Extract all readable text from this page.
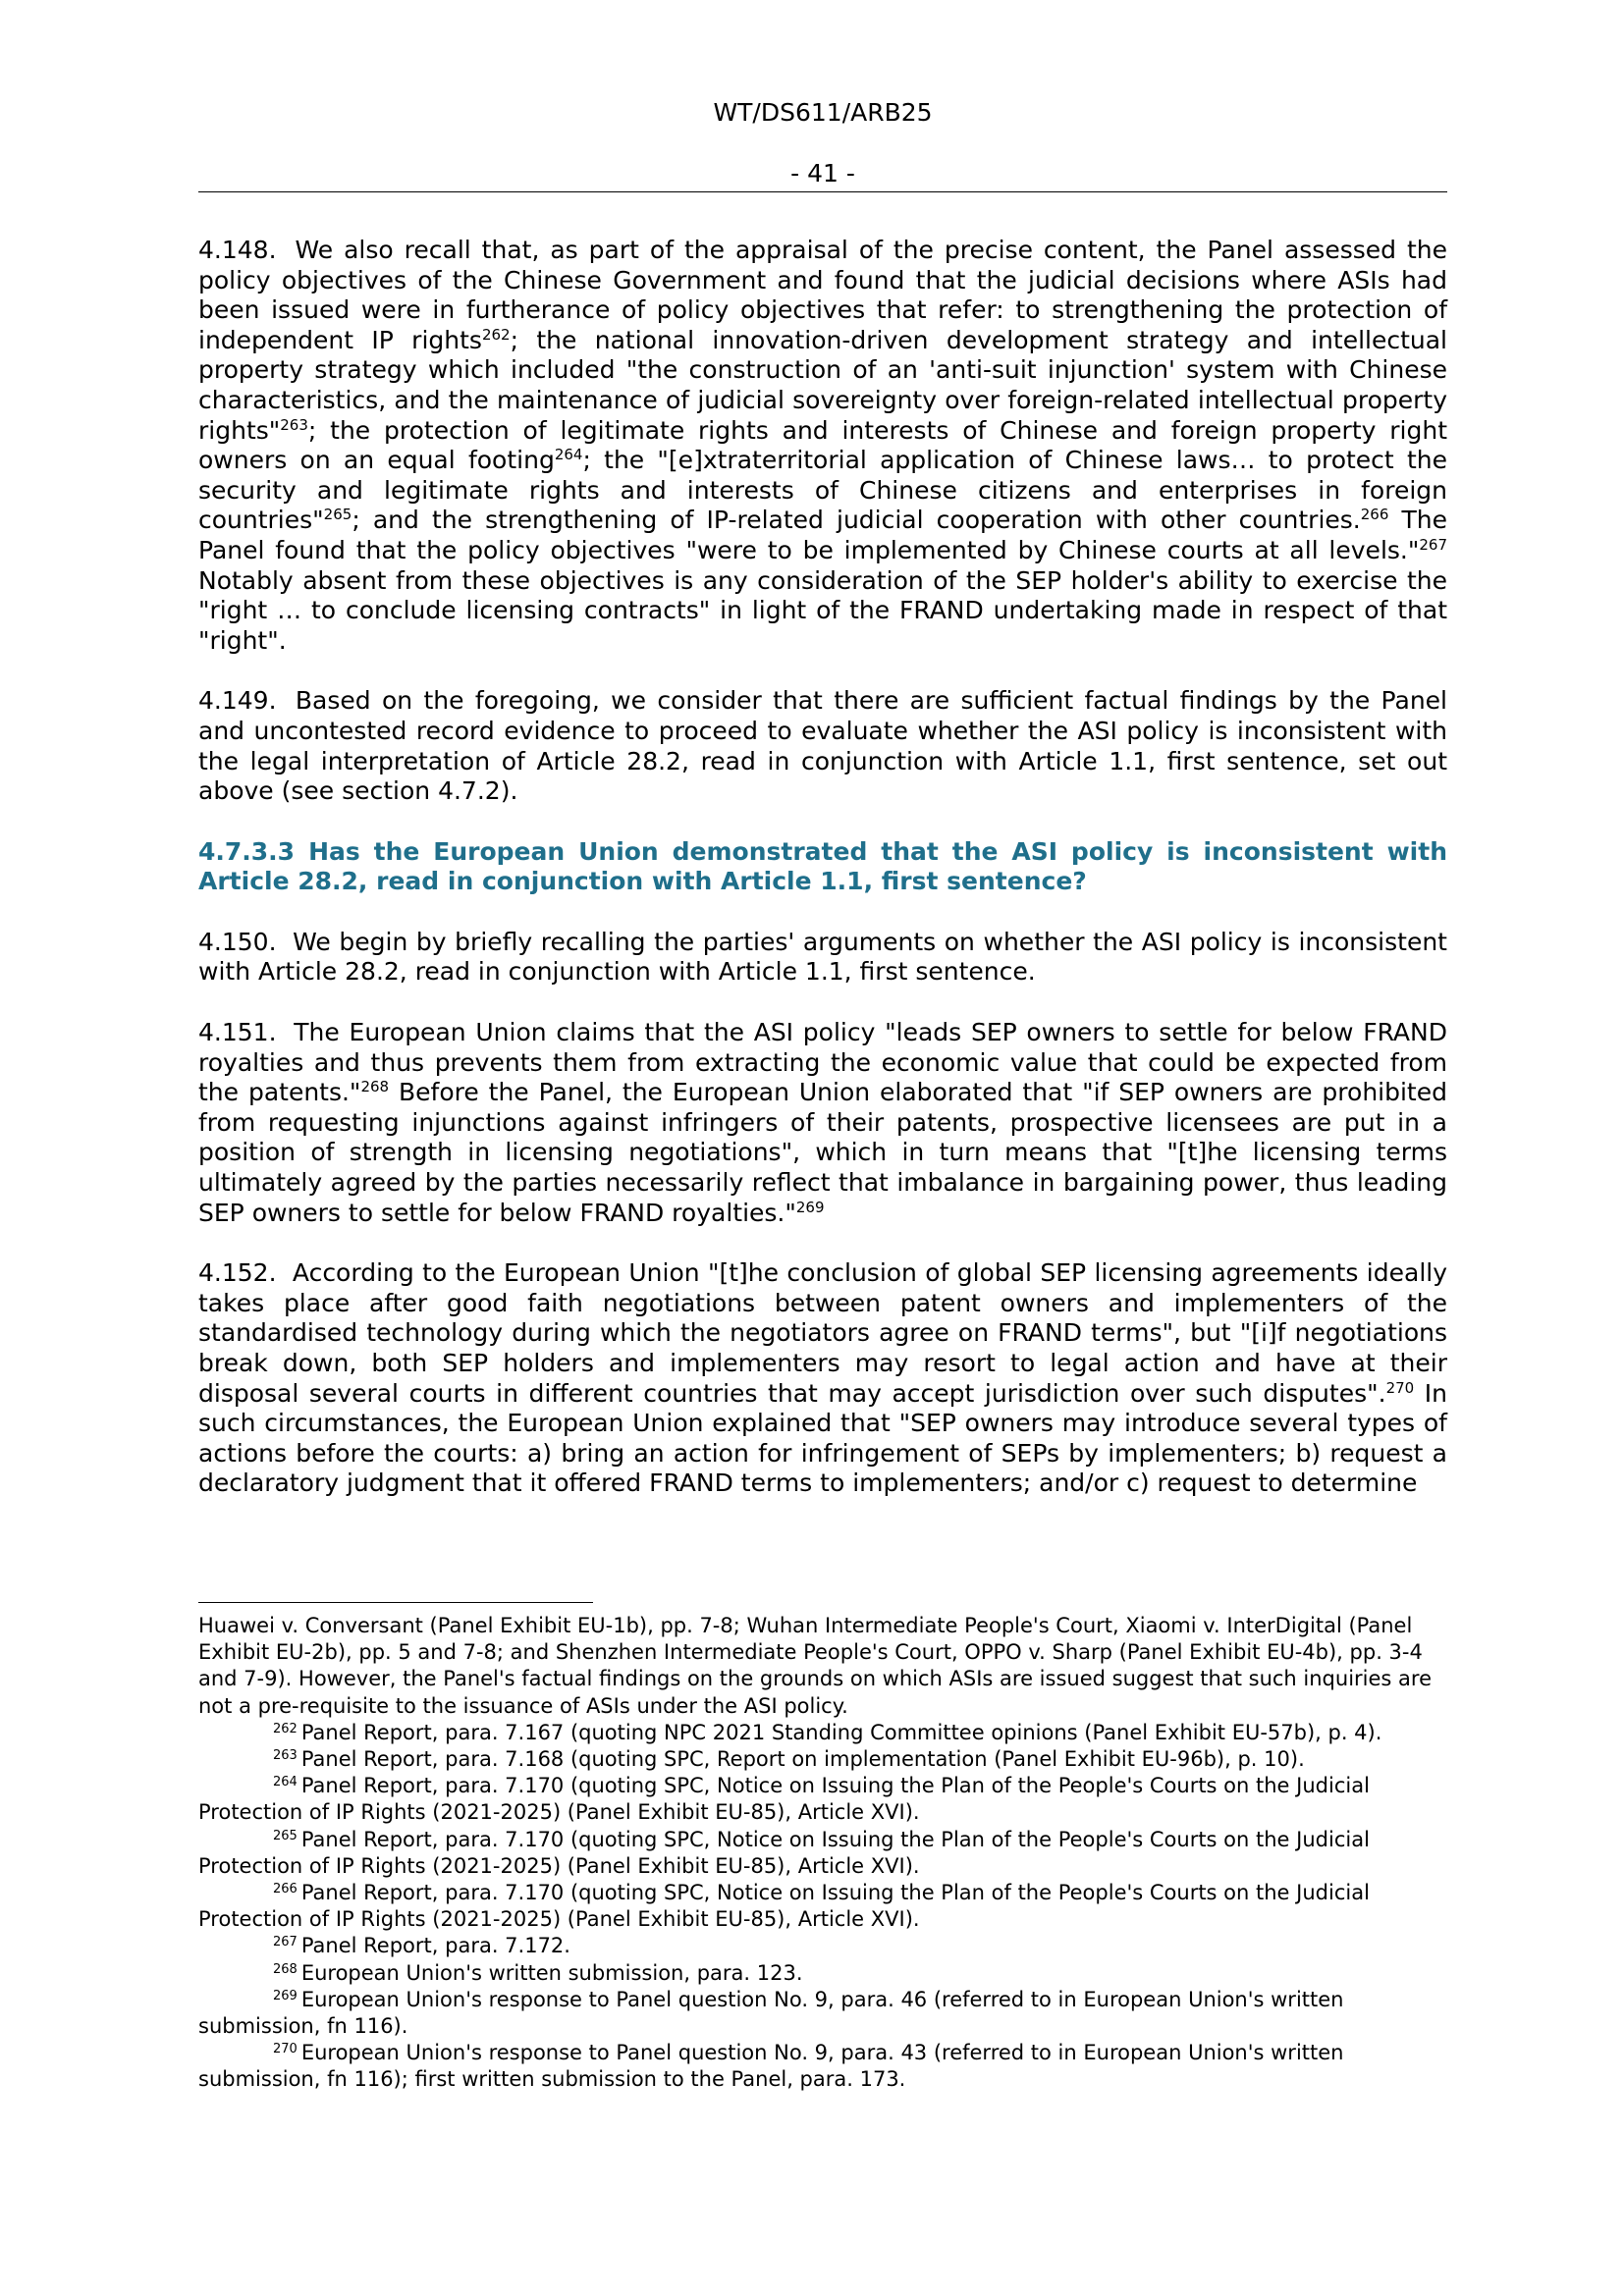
WT/DS611/ARB25
- 41 -

4.148. We also recall that, as part of the appraisal of the precise content, the Panel assessed the policy objectives of the Chinese Government and found that the judicial decisions where ASIs had been issued were in furtherance of policy objectives that refer: to strengthening the protection of independent IP rights$^{262}$; the national innovation-driven development strategy and intellectual property strategy which included "the construction of an 'anti-suit injunction' system with Chinese characteristics, and the maintenance of judicial sovereignty over foreign-related intellectual property rights"$^{263}$; the protection of legitimate rights and interests of Chinese and foreign property right owners on an equal footing$^{264}$; the "[e]xtraterritorial application of Chinese laws… to protect the security and legitimate rights and interests of Chinese citizens and enterprises in foreign countries"$^{265}$; and the strengthening of IP-related judicial cooperation with other countries.$^{266}$ The Panel found that the policy objectives "were to be implemented by Chinese courts at all levels."$^{267}$ Notably absent from these objectives is any consideration of the SEP holder's ability to exercise the "right … to conclude licensing contracts" in light of the FRAND undertaking made in respect of that "right".

4.149. Based on the foregoing, we consider that there are sufficient factual findings by the Panel and uncontested record evidence to proceed to evaluate whether the ASI policy is inconsistent with the legal interpretation of Article 28.2, read in conjunction with Article 1.1, first sentence, set out above (see section 4.7.2).

4.7.3.3 Has the European Union demonstrated that the ASI policy is inconsistent with Article 28.2, read in conjunction with Article 1.1, first sentence?

4.150. We begin by briefly recalling the parties' arguments on whether the ASI policy is inconsistent with Article 28.2, read in conjunction with Article 1.1, first sentence.

4.151. The European Union claims that the ASI policy "leads SEP owners to settle for below FRAND royalties and thus prevents them from extracting the economic value that could be expected from the patents."$^{268}$ Before the Panel, the European Union elaborated that "if SEP owners are prohibited from requesting injunctions against infringers of their patents, prospective licensees are put in a position of strength in licensing negotiations", which in turn means that "[t]he licensing terms ultimately agreed by the parties necessarily reflect that imbalance in bargaining power, thus leading SEP owners to settle for below FRAND royalties."$^{269}$

4.152. According to the European Union "[t]he conclusion of global SEP licensing agreements ideally takes place after good faith negotiations between patent owners and implementers of the standardised technology during which the negotiators agree on FRAND terms", but "[i]f negotiations break down, both SEP holders and implementers may resort to legal action and have at their disposal several courts in different countries that may accept jurisdiction over such disputes".$^{270}$ In such circumstances, the European Union explained that "SEP owners may introduce several types of actions before the courts: a) bring an action for infringement of SEPs by implementers; b) request a declaratory judgment that it offered FRAND terms to implementers; and/or c) request to determine

Huawei v. Conversant (Panel Exhibit EU-1b), pp. 7-8; Wuhan Intermediate People's Court, Xiaomi v. InterDigital (Panel Exhibit EU-2b), pp. 5 and 7-8; and Shenzhen Intermediate People's Court, OPPO v. Sharp (Panel Exhibit EU-4b), pp. 3-4 and 7-9). However, the Panel's factual findings on the grounds on which ASIs are issued suggest that such inquiries are not a pre-requisite to the issuance of ASIs under the ASI policy.

$^{262}$ Panel Report, para. 7.167 (quoting NPC 2021 Standing Committee opinions (Panel Exhibit EU-57b), p. 4).

$^{263}$ Panel Report, para. 7.168 (quoting SPC, Report on implementation (Panel Exhibit EU-96b), p. 10).

$^{264}$ Panel Report, para. 7.170 (quoting SPC, Notice on Issuing the Plan of the People's Courts on the Judicial Protection of IP Rights (2021-2025) (Panel Exhibit EU-85), Article XVI).

$^{265}$ Panel Report, para. 7.170 (quoting SPC, Notice on Issuing the Plan of the People's Courts on the Judicial Protection of IP Rights (2021-2025) (Panel Exhibit EU-85), Article XVI).

$^{266}$ Panel Report, para. 7.170 (quoting SPC, Notice on Issuing the Plan of the People's Courts on the Judicial Protection of IP Rights (2021-2025) (Panel Exhibit EU-85), Article XVI).

$^{267}$ Panel Report, para. 7.172.

$^{268}$ European Union's written submission, para. 123.

$^{269}$ European Union's response to Panel question No. 9, para. 46 (referred to in European Union's written submission, fn 116).

$^{270}$ European Union's response to Panel question No. 9, para. 43 (referred to in European Union's written submission, fn 116); first written submission to the Panel, para. 173.
